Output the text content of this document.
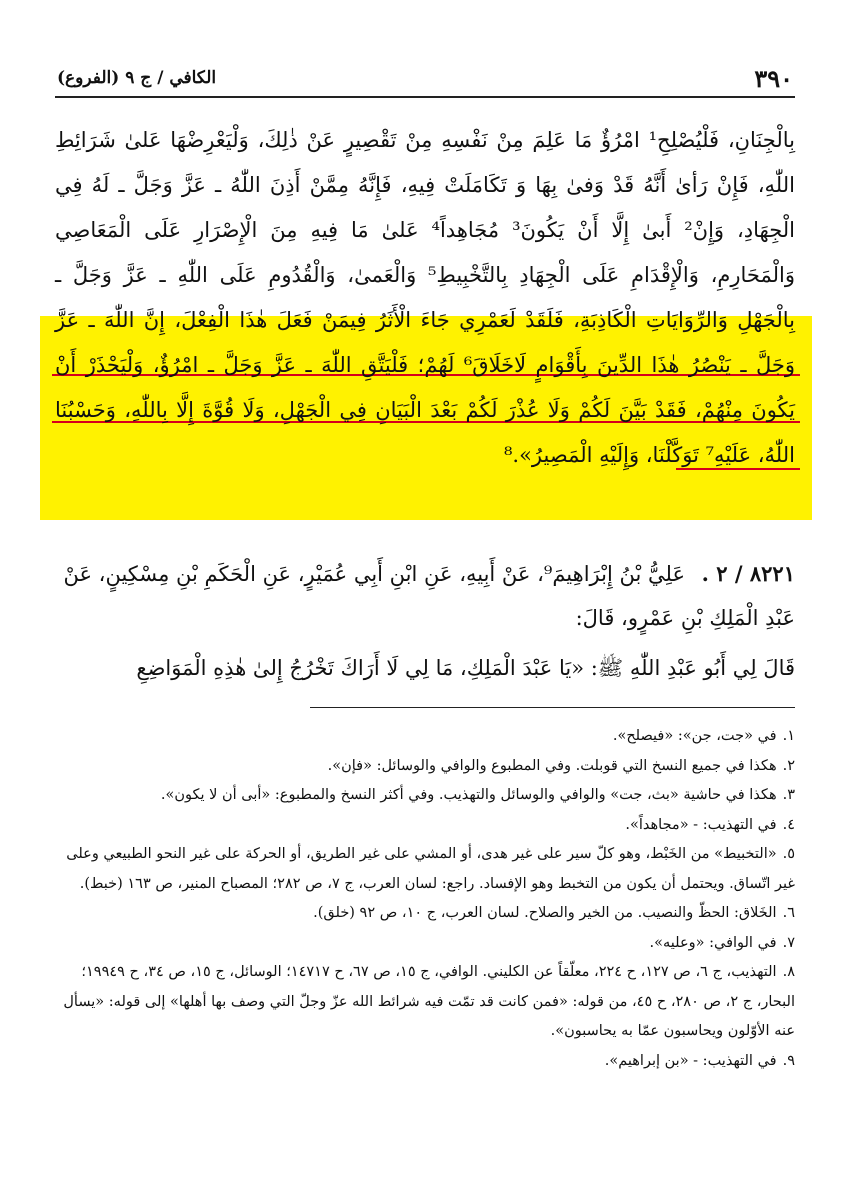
٣٩٠
الكافي / ج ٩ (الفروع)

بِالْجِنَانِ، فَلْيُصْلِحِ¹ امْرُؤٌ مَا عَلِمَ مِنْ نَفْسِهِ مِنْ تَقْصِيرٍ عَنْ ذٰلِكَ، وَلْيَعْرِضْهَا عَلىٰ شَرَائِطِ اللّٰهِ، فَإِنْ رَأىٰ أَنَّهُ قَدْ وَفىٰ بِهَا وَ تَكَامَلَتْ فِيهِ، فَإِنَّهُ مِمَّنْ أَذِنَ اللّٰهُ ـ عَزَّ وَجَلَّ ـ لَهُ فِي الْجِهَادِ، وَإِنْ² أَبىٰ إِلَّا أَنْ يَكُونَ³ مُجَاهِداً⁴ عَلىٰ مَا فِيهِ مِنَ الْإِصْرَارِ عَلَى الْمَعَاصِي وَالْمَحَارِمِ، وَالْإِقْدَامِ عَلَى الْجِهَادِ بِالتَّخْبِيطِ⁵ وَالْعَمىٰ، وَالْقُدُومِ عَلَى اللّٰهِ ـ عَزَّ وَجَلَّ ـ بِالْجَهْلِ وَالرِّوَايَاتِ الْكَاذِبَةِ، فَلَقَدْ لَعَمْرِي جَاءَ الْأَثَرُ فِيمَنْ فَعَلَ هٰذَا الْفِعْلَ، إِنَّ اللّٰهَ ـ عَزَّ وَجَلَّ ـ يَنْصُرُ هٰذَا الدِّينَ بِأَقْوَامٍ لَاخَلَاقَ⁶ لَهُمْ؛ فَلْيَتَّقِ اللّٰهَ ـ عَزَّ وَجَلَّ ـ امْرُؤٌ، وَلْيَحْذَرْ أَنْ يَكُونَ مِنْهُمْ، فَقَدْ بَيَّنَ لَكُمْ وَلَا عُذْرَ لَكُمْ بَعْدَ الْبَيَانِ فِي الْجَهْلِ، وَلَا قُوَّةَ إِلَّا بِاللّٰهِ، وَحَسْبُنَا اللّٰهُ، عَلَيْهِ⁷ تَوَكَّلْنَا، وَإِلَيْهِ الْمَصِيرُ».⁸

٨٢٢١ / ٢ . عَلِيُّ بْنُ إِبْرَاهِيمَ⁹، عَنْ أَبِيهِ، عَنِ ابْنِ أَبِي عُمَيْرٍ، عَنِ الْحَكَمِ بْنِ مِسْكِينٍ، عَنْ عَبْدِ الْمَلِكِ بْنِ عَمْرٍو، قَالَ:

قَالَ لِي أَبُو عَبْدِ اللّٰهِ ﷺ: «يَا عَبْدَ الْمَلِكِ، مَا لِي لَا أَرَاكَ تَخْرُجُ إِلىٰ هٰذِهِ الْمَوَاضِعِ

١.في «جت، جن»: «فيصلح».
٢.هكذا في جميع النسخ التي قوبلت. وفي المطبوع والوافي والوسائل: «فإن».
٣.هكذا في حاشية «بث، جت» والوافي والوسائل والتهذيب. وفي أكثر النسخ والمطبوع: «أبى أن لا يكون».
٤.في التهذيب: - «مجاهداً».
٥.«التخبيط» من الخَبْط، وهو كلّ سير على غير هدى، أو المشي على غير الطريق، أو الحركة على غير النحو الطبيعي وعلى غير اتّساق. ويحتمل أن يكون من التخبط وهو الإفساد. راجع: لسان العرب، ج ٧، ص ٢٨٢؛ المصباح المنير، ص ١٦٣ (خبط).
٦.الخَلاق: الحظّ والنصيب. من الخير والصلاح. لسان العرب، ج ١٠، ص ٩٢ (خلق).
٧.في الوافي: «وعليه».
٨.التهذيب، ج ٦، ص ١٢٧، ح ٢٢٤، معلّقاً عن الكليني. الوافي، ج ١٥، ص ٦٧، ح ١٤٧١٧؛ الوسائل، ج ١٥، ص ٣٤، ح ١٩٩٤٩؛ البحار، ج ٢، ص ٢٨٠، ح ٤٥، من قوله: «فمن كانت قد تمّت فيه شرائط الله عزّ وجلّ التي وصف بها أهلها» إلى قوله: «يسأل عنه الأوّلون ويحاسبون عمّا به يحاسبون».
٩.في التهذيب: - «بن إبراهيم».
